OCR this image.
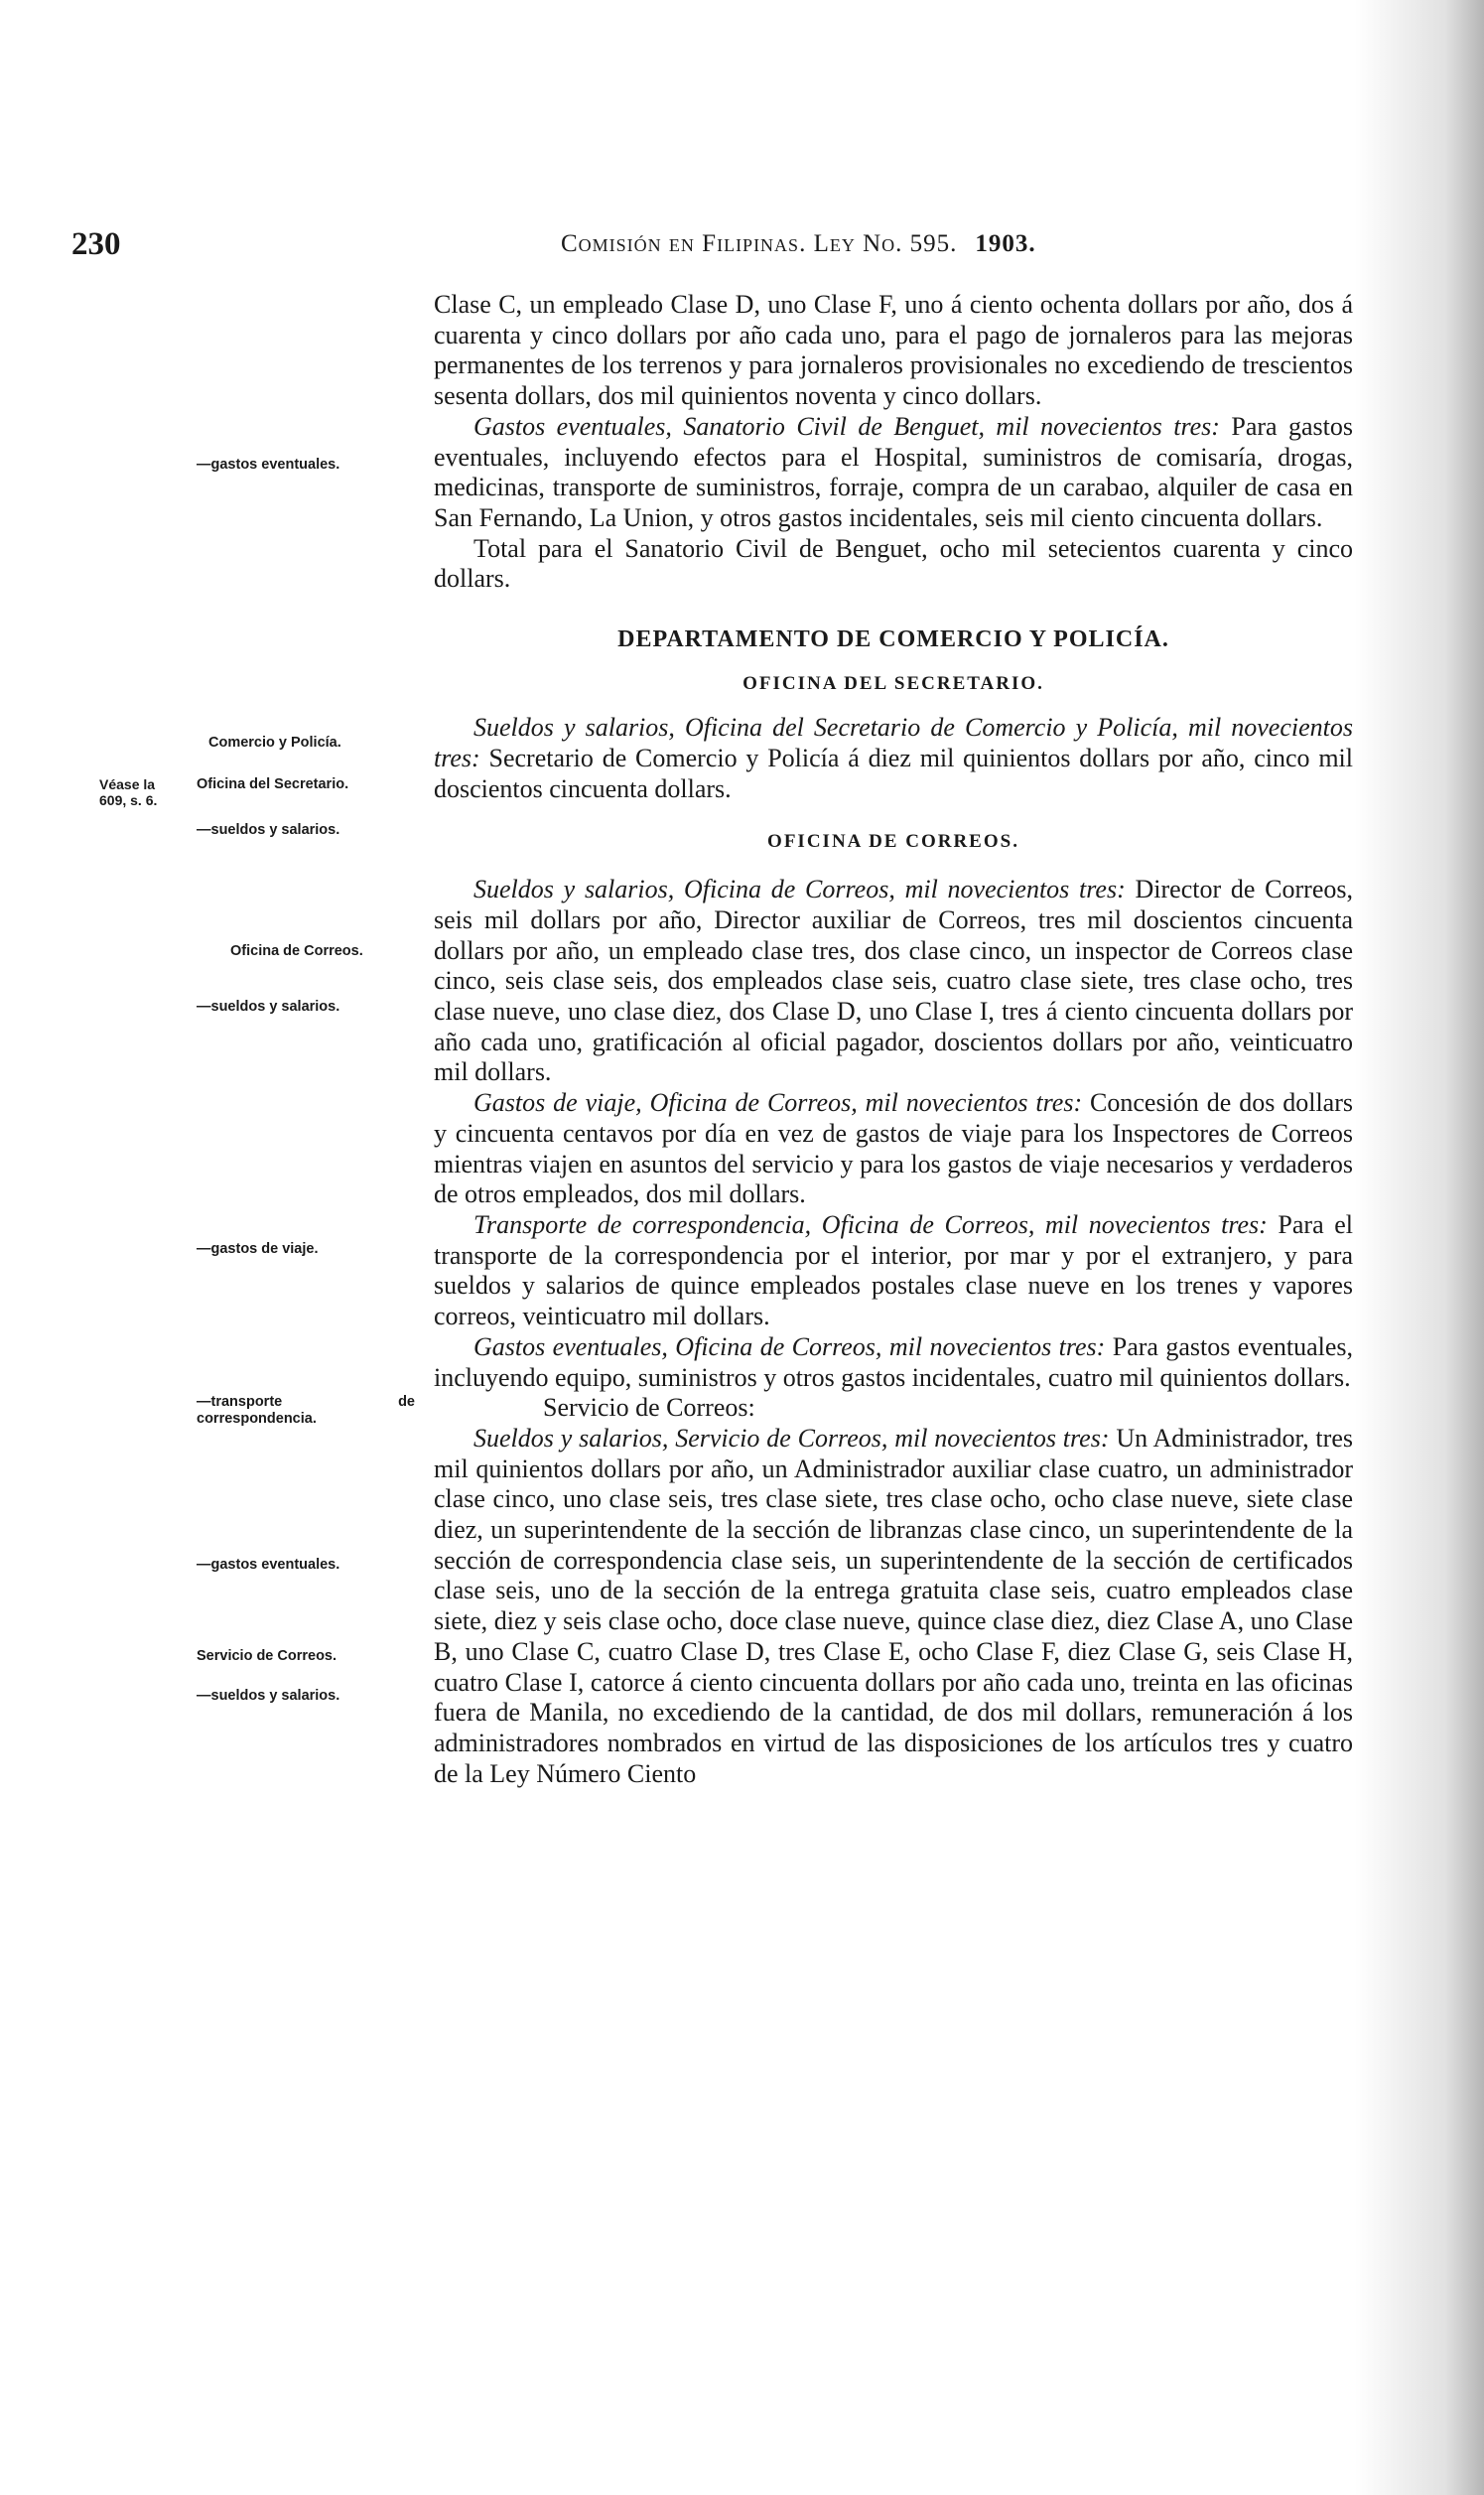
230	Comisión en Filipinas. Ley No. 595. 1903.
—gastos eventuales.
Comercio y Policía.
Véase la 609, s. 6.
Oficina del Secretario.
—sueldos y salarios.
Oficina de Correos.
—sueldos y salarios.
—gastos de viaje.
—transporte de correspondencia.
—gastos eventuales.
Servicio de Correos.
—sueldos y salarios.

Clase C, un empleado Clase D, uno Clase F, uno á ciento ochenta dollars por año, dos á cuarenta y cinco dollars por año cada uno, para el pago de jornaleros para las mejoras permanentes de los terrenos y para jornaleros provisionales no excediendo de trescientos sesenta dollars, dos mil quinientos noventa y cinco dollars.

Gastos eventuales, Sanatorio Civil de Benguet, mil novecientos tres: Para gastos eventuales, incluyendo efectos para el Hospital, suministros de comisaría, drogas, medicinas, transporte de suministros, forraje, compra de un carabao, alquiler de casa en San Fernando, La Union, y otros gastos incidentales, seis mil ciento cincuenta dollars.

Total para el Sanatorio Civil de Benguet, ocho mil setecientos cuarenta y cinco dollars.

DEPARTAMENTO DE COMERCIO Y POLICÍA.

OFICINA DEL SECRETARIO.

Sueldos y salarios, Oficina del Secretario de Comercio y Policía, mil novecientos tres: Secretario de Comercio y Policía á diez mil quinientos dollars por año, cinco mil doscientos cincuenta dollars.

OFICINA DE CORREOS.

Sueldos y salarios, Oficina de Correos, mil novecientos tres: Director de Correos, seis mil dollars por año, Director auxiliar de Correos, tres mil doscientos cincuenta dollars por año, un empleado clase tres, dos clase cinco, un inspector de Correos clase cinco, seis clase seis, dos empleados clase seis, cuatro clase siete, tres clase ocho, tres clase nueve, uno clase diez, dos Clase D, uno Clase I, tres á ciento cincuenta dollars por año cada uno, gratificación al oficial pagador, doscientos dollars por año, veinticuatro mil dollars.

Gastos de viaje, Oficina de Correos, mil novecientos tres: Concesión de dos dollars y cincuenta centavos por día en vez de gastos de viaje para los Inspectores de Correos mientras viajen en asuntos del servicio y para los gastos de viaje necesarios y verdaderos de otros empleados, dos mil dollars.

Transporte de correspondencia, Oficina de Correos, mil novecientos tres: Para el transporte de la correspondencia por el interior, por mar y por el extranjero, y para sueldos y salarios de quince empleados postales clase nueve en los trenes y vapores correos, veinticuatro mil dollars.

Gastos eventuales, Oficina de Correos, mil novecientos tres: Para gastos eventuales, incluyendo equipo, suministros y otros gastos incidentales, cuatro mil quinientos dollars.

Servicio de Correos:

Sueldos y salarios, Servicio de Correos, mil novecientos tres: Un Administrador, tres mil quinientos dollars por año, un Administrador auxiliar clase cuatro, un administrador clase cinco, uno clase seis, tres clase siete, tres clase ocho, ocho clase nueve, siete clase diez, un superintendente de la sección de libranzas clase cinco, un superintendente de la sección de correspondencia clase seis, un superintendente de la sección de certificados clase seis, uno de la sección de la entrega gratuita clase seis, cuatro empleados clase siete, diez y seis clase ocho, doce clase nueve, quince clase diez, diez Clase A, uno Clase B, uno Clase C, cuatro Clase D, tres Clase E, ocho Clase F, diez Clase G, seis Clase H, cuatro Clase I, catorce á ciento cincuenta dollars por año cada uno, treinta en las oficinas fuera de Manila, no excediendo de la cantidad, de dos mil dollars, remuneración á los administradores nombrados en virtud de las disposiciones de los artículos tres y cuatro de la Ley Número Ciento
